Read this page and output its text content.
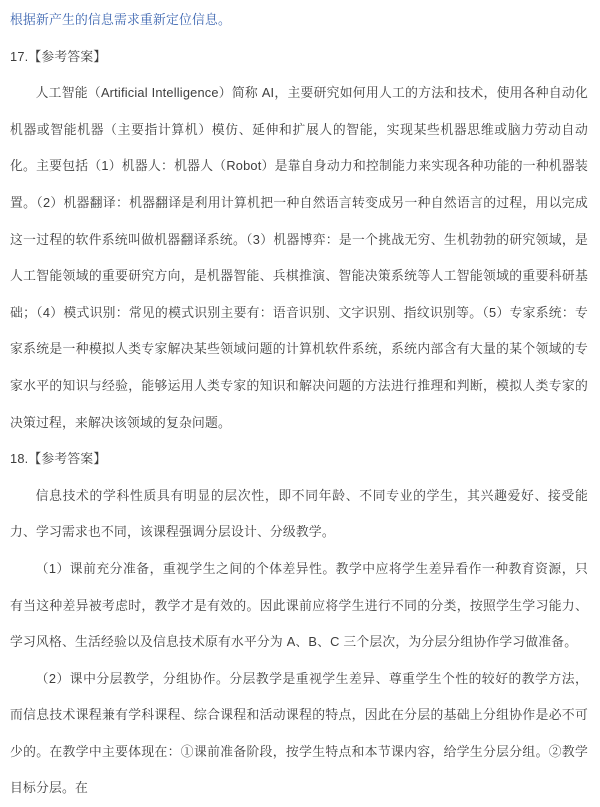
根据新产生的信息需求重新定位信息。

17.【参考答案】

人工智能（Artificial Intelligence）简称 AI，主要研究如何用人工的方法和技术，使用各种自动化机器或智能机器（主要指计算机）模仿、延伸和扩展人的智能，实现某些机器思维或脑力劳动自动化。主要包括（1）机器人：机器人（Robot）是靠自身动力和控制能力来实现各种功能的一种机器装置。（2）机器翻译：机器翻译是利用计算机把一种自然语言转变成另一种自然语言的过程，用以完成这一过程的软件系统叫做机器翻译系统。（3）机器博弈：是一个挑战无穷、生机勃勃的研究领域，是人工智能领域的重要研究方向，是机器智能、兵棋推演、智能决策系统等人工智能领域的重要科研基础；（4）模式识别：常见的模式识别主要有：语音识别、文字识别、指纹识别等。（5）专家系统：专家系统是一种模拟人类专家解决某些领域问题的计算机软件系统，系统内部含有大量的某个领域的专家水平的知识与经验，能够运用人类专家的知识和解决问题的方法进行推理和判断，模拟人类专家的决策过程，来解决该领域的复杂问题。

18.【参考答案】

信息技术的学科性质具有明显的层次性，即不同年龄、不同专业的学生，其兴趣爱好、接受能力、学习需求也不同，该课程强调分层设计、分级教学。

（1）课前充分准备，重视学生之间的个体差异性。教学中应将学生差异看作一种教育资源，只有当这种差异被考虑时，教学才是有效的。因此课前应将学生进行不同的分类，按照学生学习能力、学习风格、生活经验以及信息技术原有水平分为 A、B、C 三个层次，为分层分组协作学习做准备。

（2）课中分层教学，分组协作。分层教学是重视学生差异、尊重学生个性的较好的教学方法，而信息技术课程兼有学科课程、综合课程和活动课程的特点，因此在分层的基础上分组协作是必不可少的。在教学中主要体现在：①课前准备阶段，按学生特点和本节课内容，给学生分层分组。②教学目标分层。在
